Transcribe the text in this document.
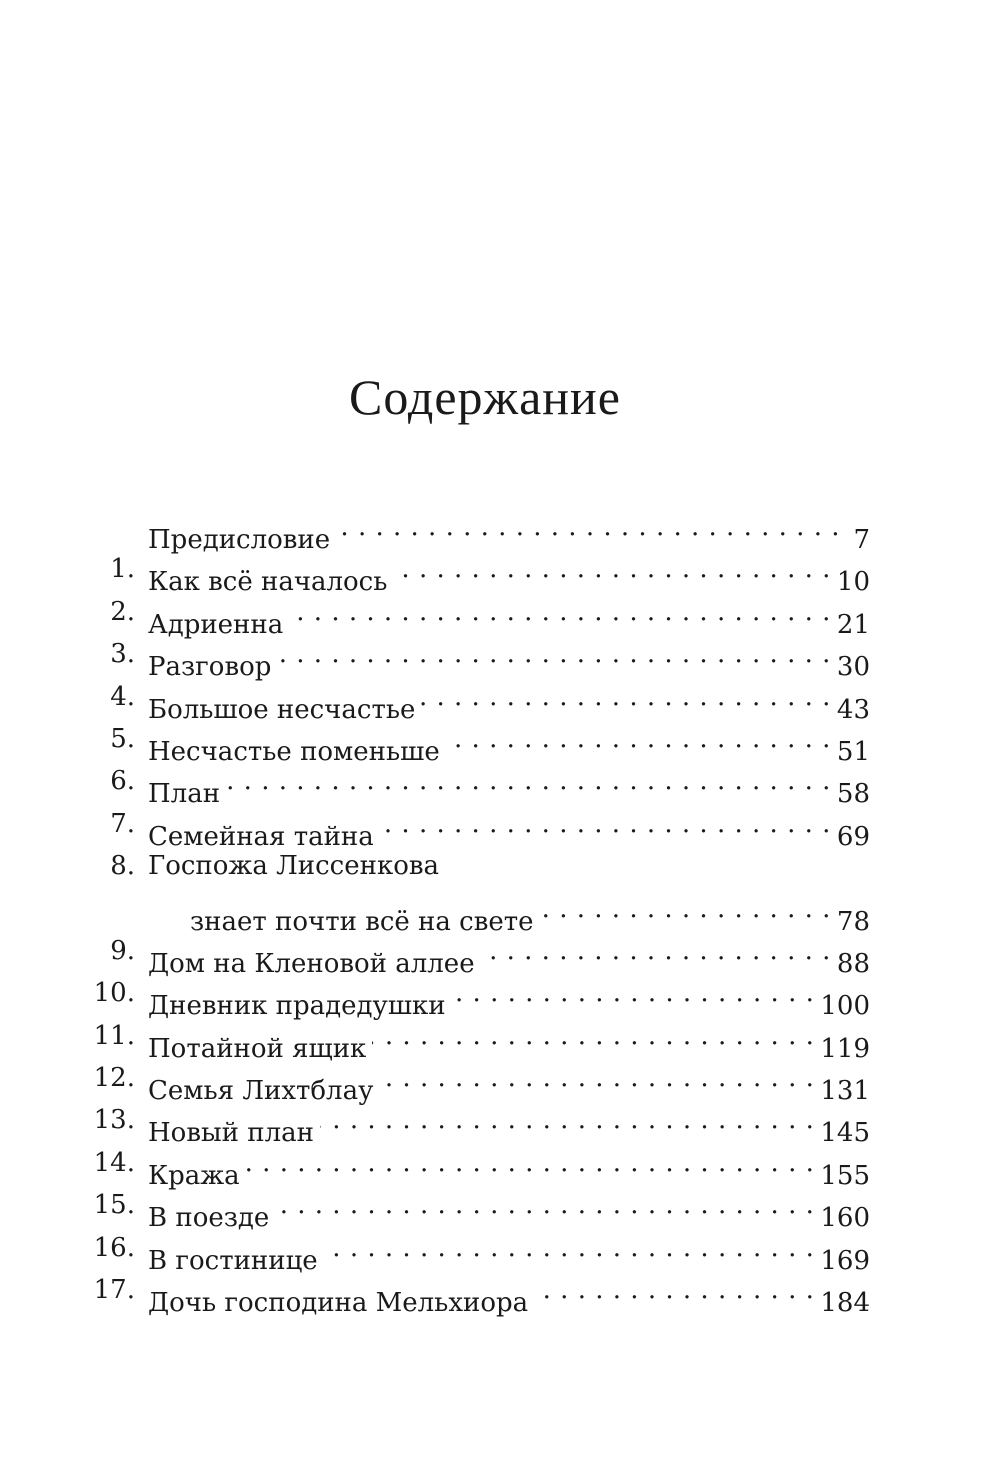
Содержание
Предисловие . . .	7
1. Как всё началось . . .	10
2. Адриенна . . .	21
3. Разговор . . .	30
4. Большое несчастье . . .	43
5. Несчастье поменьше . . .	51
6. План . . .	58
7. Семейная тайна . . .	69
8. Госпожа Лиссенкова
знает почти всё на свете . . .	78
9. Дом на Кленовой аллее . . .	88
10. Дневник прадедушки . . .	100
11. Потайной ящик . . .	119
12. Семья Лихтблау . . .	131
13. Новый план . . .	145
14. Кража . . .	155
15. В поезде . . .	160
16. В гостинице . . .	169
17. Дочь господина Мельхиора . . .	184
